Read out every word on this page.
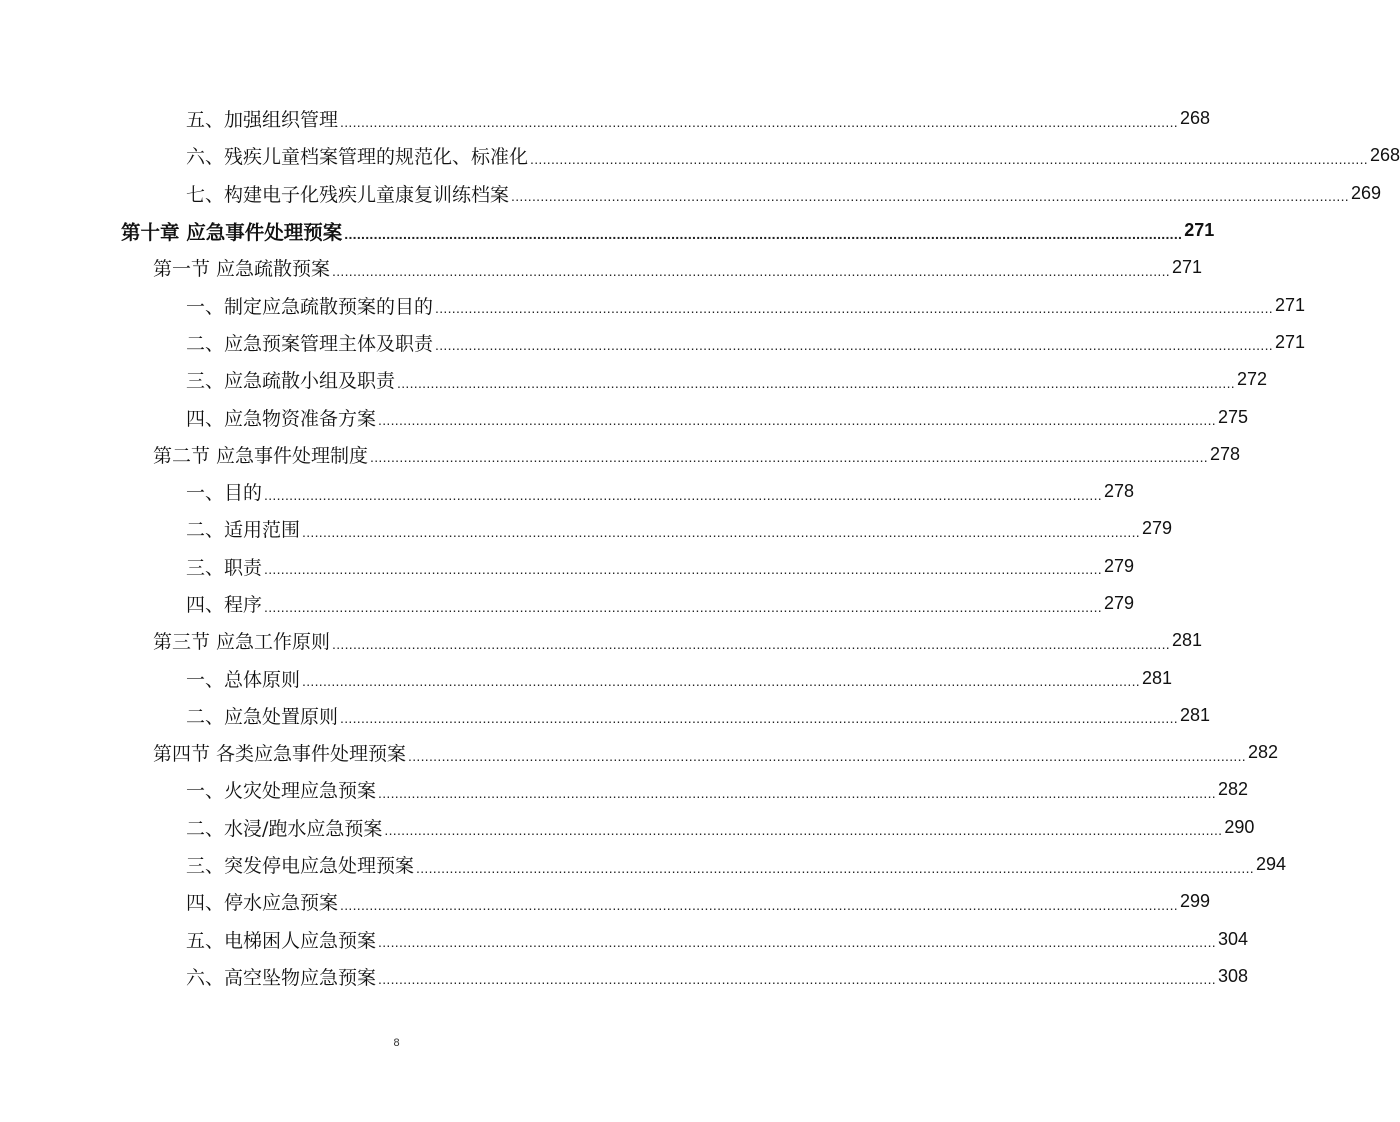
五、加强组织管理 ........................................................................................................................................................................................................ 268
六、残疾儿童档案管理的规范化、标准化 ........................................................................................................................................................................................................ 268
七、构建电子化残疾儿童康复训练档案 ........................................................................................................................................................................................................ 269
第十章 应急事件处理预案 ........................................................................................................................................................................................................ 271
第一节 应急疏散预案 ........................................................................................................................................................................................................ 271
一、制定应急疏散预案的目的 ........................................................................................................................................................................................................ 271
二、应急预案管理主体及职责 ........................................................................................................................................................................................................ 271
三、应急疏散小组及职责 ........................................................................................................................................................................................................ 272
四、应急物资准备方案 ........................................................................................................................................................................................................ 275
第二节 应急事件处理制度 ........................................................................................................................................................................................................ 278
一、目的 ........................................................................................................................................................................................................ 278
二、适用范围 ........................................................................................................................................................................................................ 279
三、职责 ........................................................................................................................................................................................................ 279
四、程序 ........................................................................................................................................................................................................ 279
第三节 应急工作原则 ........................................................................................................................................................................................................ 281
一、总体原则 ........................................................................................................................................................................................................ 281
二、应急处置原则 ........................................................................................................................................................................................................ 281
第四节 各类应急事件处理预案 ........................................................................................................................................................................................................ 282
一、火灾处理应急预案 ........................................................................................................................................................................................................ 282
二、水浸/跑水应急预案 ........................................................................................................................................................................................................ 290
三、突发停电应急处理预案 ........................................................................................................................................................................................................ 294
四、停水应急预案 ........................................................................................................................................................................................................ 299
五、电梯困人应急预案 ........................................................................................................................................................................................................ 304
六、高空坠物应急预案 ........................................................................................................................................................................................................ 308
8
